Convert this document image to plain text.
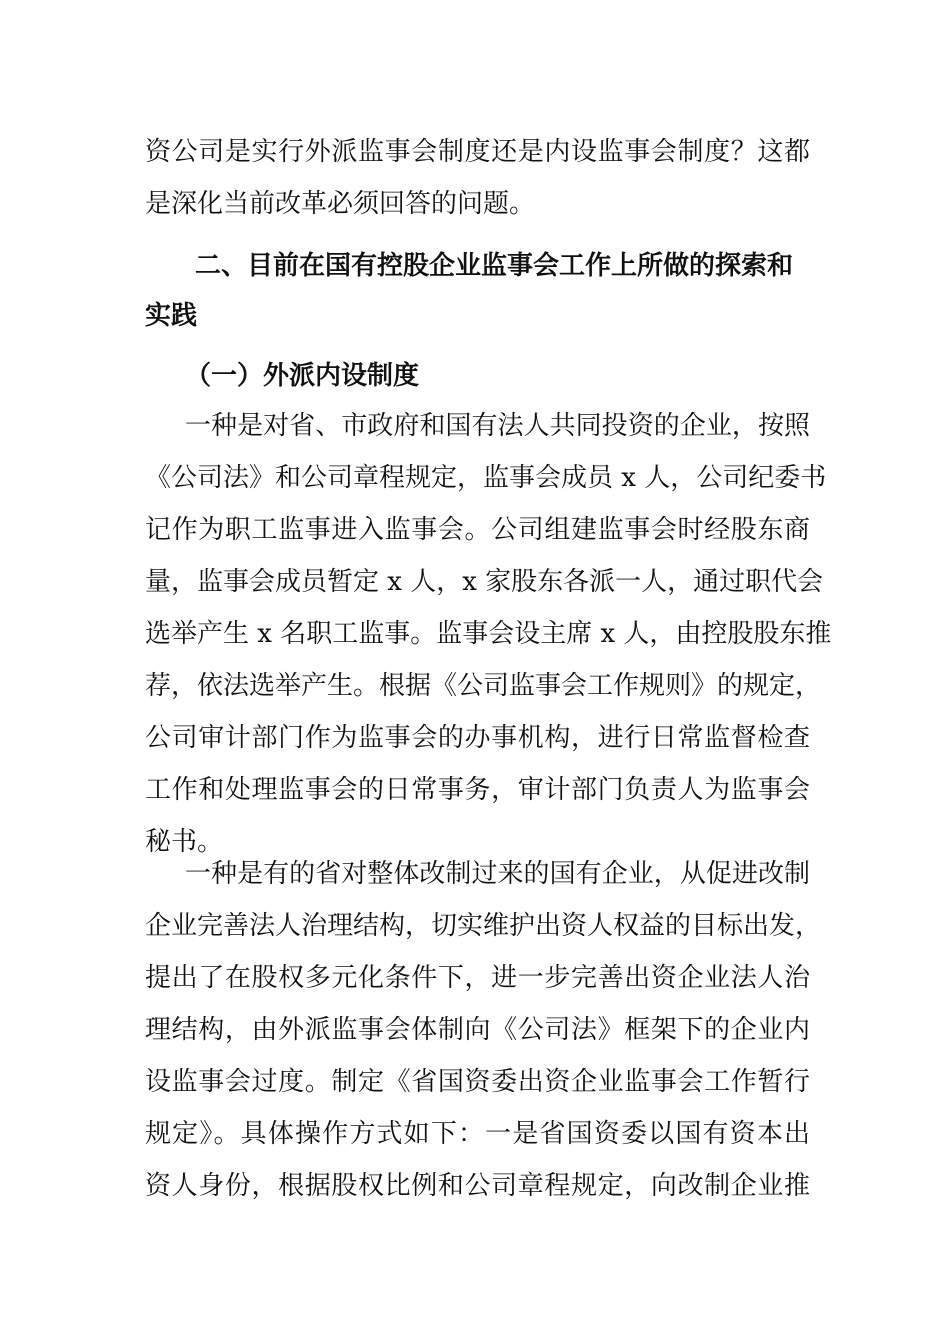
资公司是实行外派监事会制度还是内设监事会制度？这都
是深化当前改革必须回答的问题。
二、目前在国有控股企业监事会工作上所做的探索和
实践
（一）外派内设制度
一种是对省、市政府和国有法人共同投资的企业，按照
《公司法》和公司章程规定，监事会成员 x 人，公司纪委书
记作为职工监事进入监事会。公司组建监事会时经股东商
量，监事会成员暂定 x 人，x 家股东各派一人，通过职代会
选举产生 x 名职工监事。监事会设主席 x 人，由控股股东推
荐，依法选举产生。根据《公司监事会工作规则》的规定，
公司审计部门作为监事会的办事机构，进行日常监督检查
工作和处理监事会的日常事务，审计部门负责人为监事会
秘书。
一种是有的省对整体改制过来的国有企业，从促进改制
企业完善法人治理结构，切实维护出资人权益的目标出发，
提出了在股权多元化条件下，进一步完善出资企业法人治
理结构，由外派监事会体制向《公司法》框架下的企业内
设监事会过度。制定《省国资委出资企业监事会工作暂行
规定》。具体操作方式如下：一是省国资委以国有资本出
资人身份，根据股权比例和公司章程规定，向改制企业推
